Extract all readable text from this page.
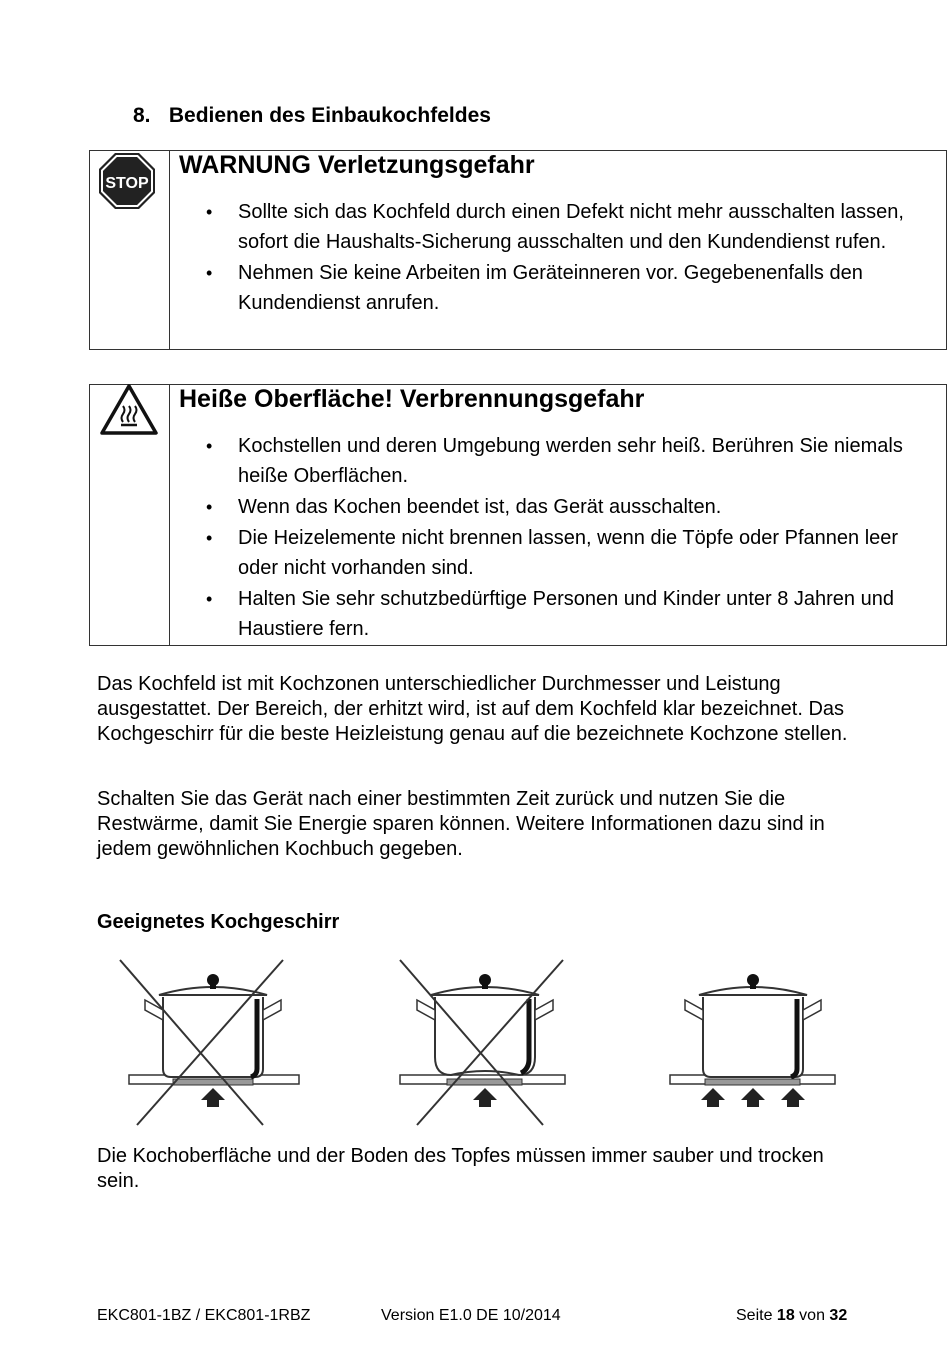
8. Bedienen des Einbaukochfeldes
STOP
WARNUNG Verletzungsgefahr
• Sollte sich das Kochfeld durch einen Defekt nicht mehr ausschalten lassen, sofort die Haushalts-Sicherung ausschalten und den Kundendienst rufen.
• Nehmen Sie keine Arbeiten im Geräteinneren vor. Gegebenenfalls den Kundendienst anrufen.
Heiße Oberfläche! Verbrennungsgefahr
• Kochstellen und deren Umgebung werden sehr heiß. Berühren Sie niemals heiße Oberflächen.
• Wenn das Kochen beendet ist, das Gerät ausschalten.
• Die Heizelemente nicht brennen lassen, wenn die Töpfe oder Pfannen leer oder nicht vorhanden sind.
• Halten Sie sehr schutzbedürftige Personen und Kinder unter 8 Jahren und Haustiere fern.
Das Kochfeld ist mit Kochzonen unterschiedlicher Durchmesser und Leistung ausgestattet. Der Bereich, der erhitzt wird, ist auf dem Kochfeld klar bezeichnet. Das Kochgeschirr für die beste Heizleistung genau auf die bezeichnete Kochzone stellen.
Schalten Sie das Gerät nach einer bestimmten Zeit zurück und nutzen Sie die Restwärme, damit Sie Energie sparen können. Weitere Informationen dazu sind in jedem gewöhnlichen Kochbuch gegeben.
Geeignetes Kochgeschirr
Die Kochoberfläche und der Boden des Topfes müssen immer sauber und trocken sein.
EKC801-1BZ / EKC801-1RBZ	Version E1.0 DE 10/2014	Seite 18 von 32
